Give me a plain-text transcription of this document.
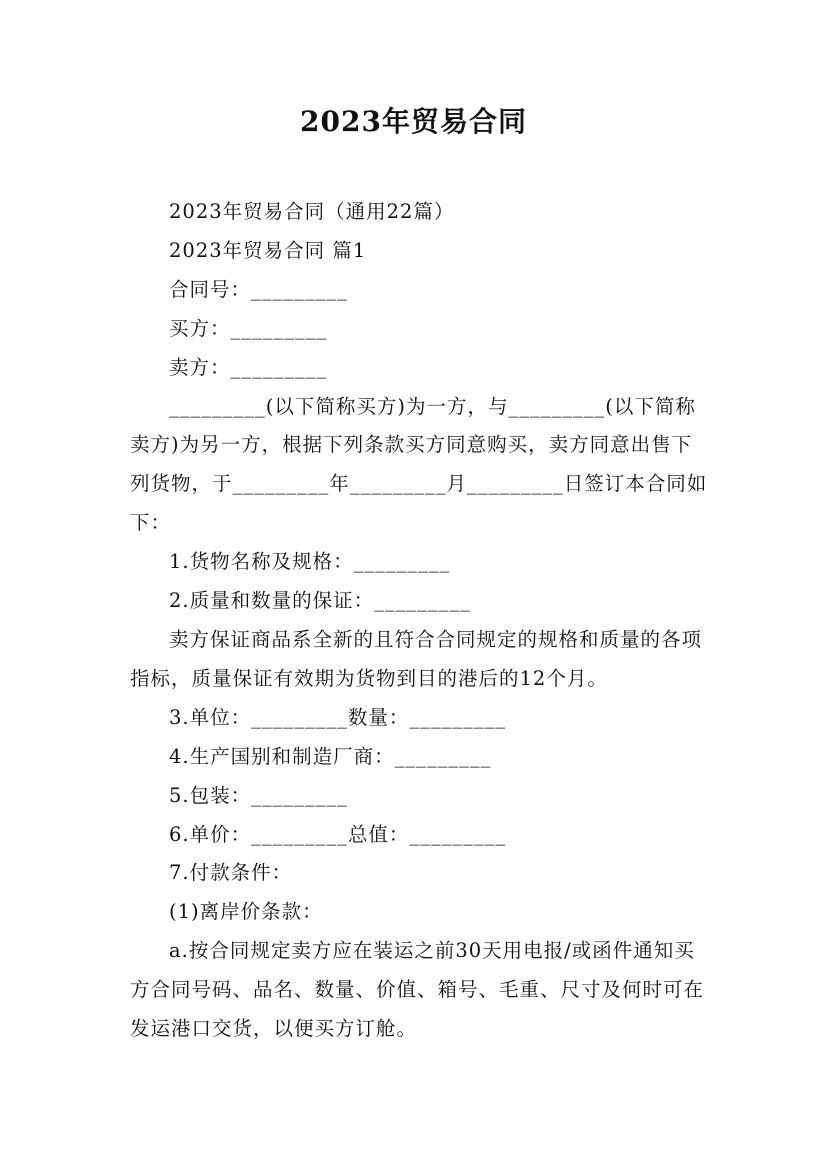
2023年贸易合同

2023年贸易合同（通用22篇）

2023年贸易合同 篇1

合同号：_________

买方：_________

卖方：_________

_________(以下简称买方)为一方，与_________(以下简称卖方)为另一方，根据下列条款买方同意购买，卖方同意出售下列货物，于_________年_________月_________日签订本合同如下：

1.货物名称及规格：_________

2.质量和数量的保证：_________

卖方保证商品系全新的且符合合同规定的规格和质量的各项指标，质量保证有效期为货物到目的港后的12个月。

3.单位：_________数量：_________

4.生产国别和制造厂商：_________

5.包装：_________

6.单价：_________总值：_________

7.付款条件：

(1)离岸价条款：

a.按合同规定卖方应在装运之前30天用电报/或函件通知买方合同号码、品名、数量、价值、箱号、毛重、尺寸及何时可在发运港口交货，以便买方订舱。
